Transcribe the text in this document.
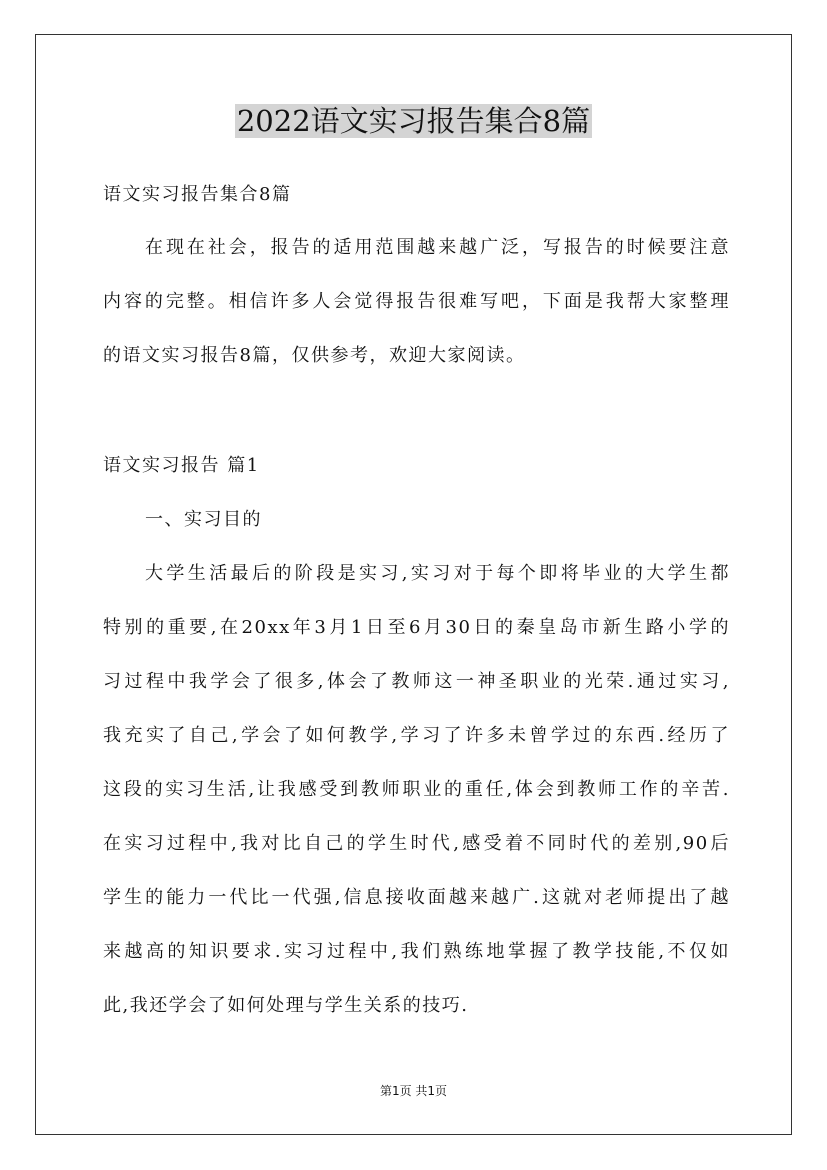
2022语文实习报告集合8篇
语文实习报告集合8篇
在现在社会，报告的适用范围越来越广泛，写报告的时候要注意
内容的完整。相信许多人会觉得报告很难写吧，下面是我帮大家整理
的语文实习报告8篇，仅供参考，欢迎大家阅读。
语文实习报告 篇1
一、实习目的
大学生活最后的阶段是实习,实习对于每个即将毕业的大学生都
特别的重要,在20xx年3月1日至6月30日的秦皇岛市新生路小学的
习过程中我学会了很多,体会了教师这一神圣职业的光荣.通过实习,
我充实了自己,学会了如何教学,学习了许多未曾学过的东西.经历了
这段的实习生活,让我感受到教师职业的重任,体会到教师工作的辛苦.
在实习过程中,我对比自己的学生时代,感受着不同时代的差别,90后
学生的能力一代比一代强,信息接收面越来越广.这就对老师提出了越
来越高的知识要求.实习过程中,我们熟练地掌握了教学技能,不仅如
此,我还学会了如何处理与学生关系的技巧.
第1页 共1页
